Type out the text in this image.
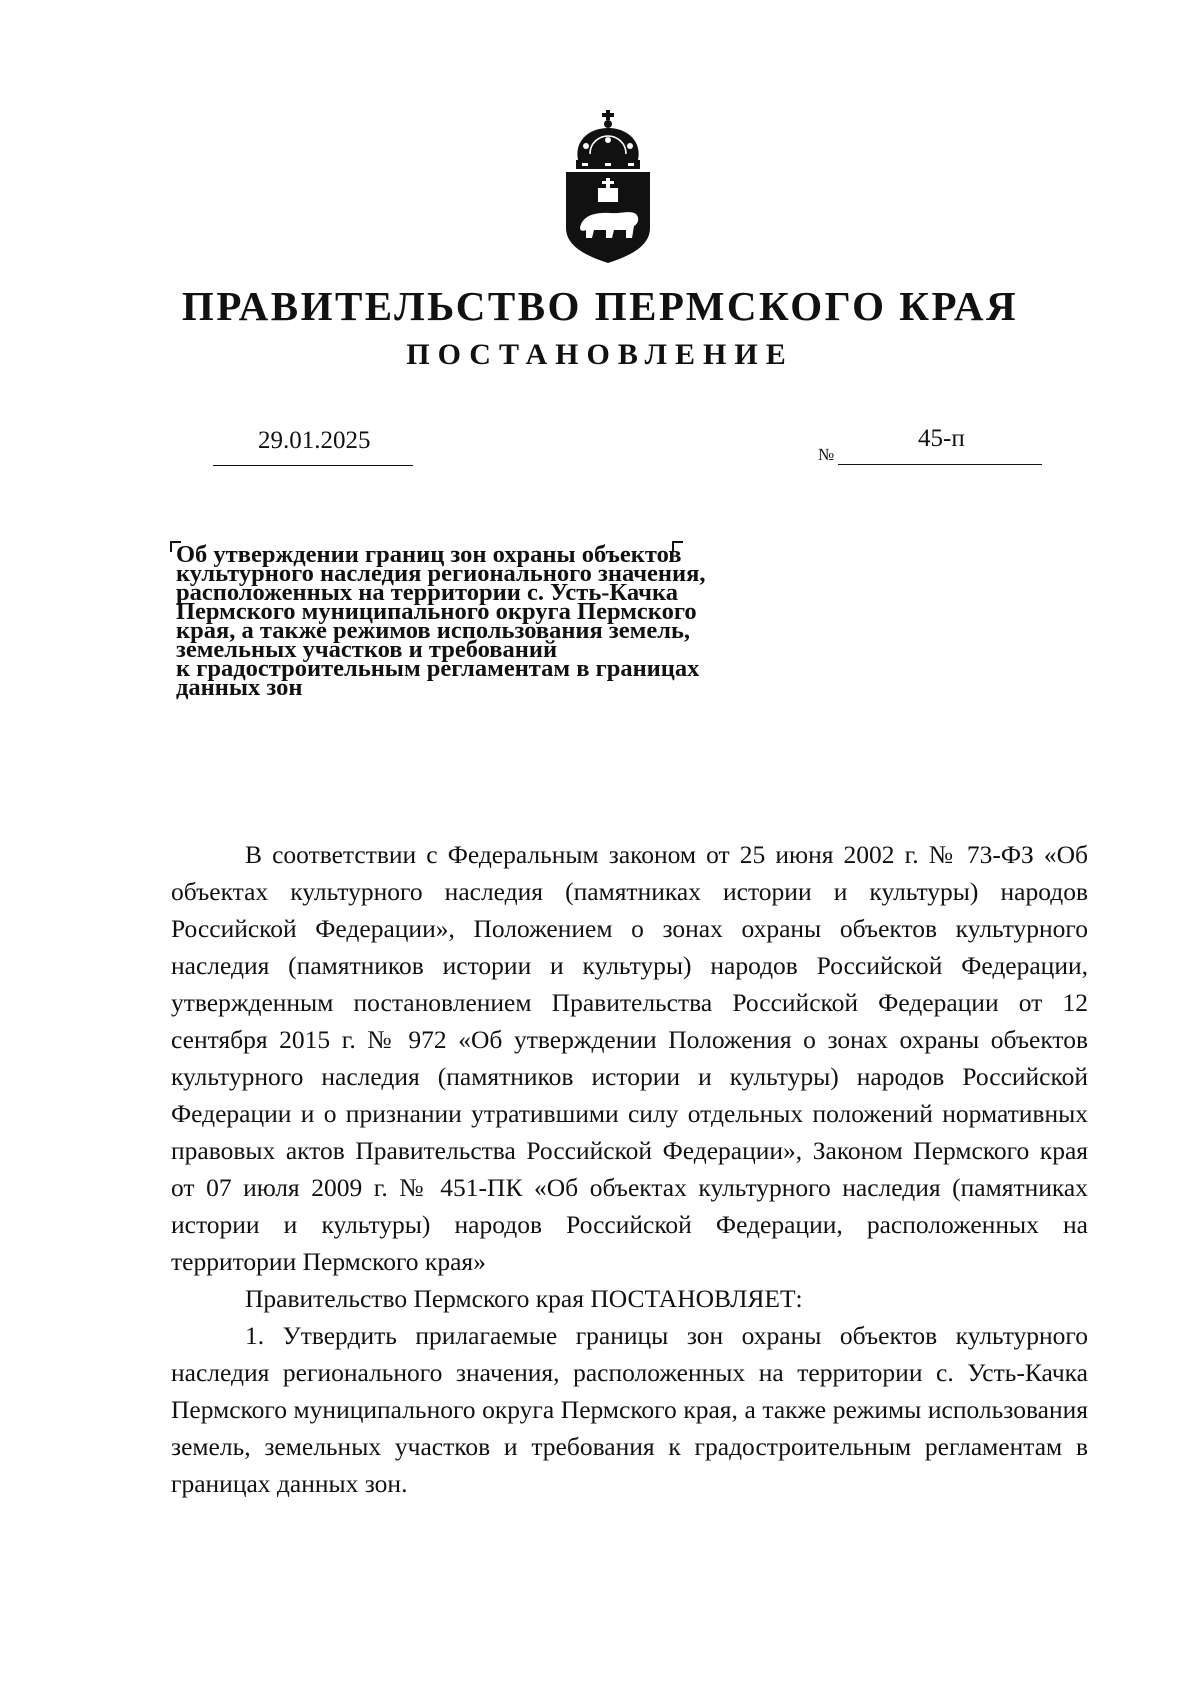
ПРАВИТЕЛЬСТВО ПЕРМСКОГО КРАЯ
ПОСТАНОВЛЕНИЕ
29.01.2025
№
45-п
Об утверждении границ зон охраны объектов
культурного наследия регионального значения,
расположенных на территории с. Усть-Качка
Пермского муниципального округа Пермского
края, а также режимов использования земель,
земельных участков и требований
к градостроительным регламентам в границах
данных зон

В соответствии с Федеральным законом от 25 июня 2002 г. № 73-ФЗ «Об объектах культурного наследия (памятниках истории и культуры) народов Российской Федерации», Положением о зонах охраны объектов культурного наследия (памятников истории и культуры) народов Российской Федерации, утвержденным постановлением Правительства Российской Федерации от 12 сентября 2015 г. № 972 «Об утверждении Положения о зонах охраны объектов культурного наследия (памятников истории и культуры) народов Российской Федерации и о признании утратившими силу отдельных положений нормативных правовых актов Правительства Российской Федерации», Законом Пермского края от 07 июля 2009 г. № 451-ПК «Об объектах культурного наследия (памятниках истории и культуры) народов Российской Федерации, расположенных на территории Пермского края»

Правительство Пермского края ПОСТАНОВЛЯЕТ:

1. Утвердить прилагаемые границы зон охраны объектов культурного наследия регионального значения, расположенных на территории с. Усть-Качка Пермского муниципального округа Пермского края, а также режимы использования земель, земельных участков и требования к градостроительным регламентам в границах данных зон.
